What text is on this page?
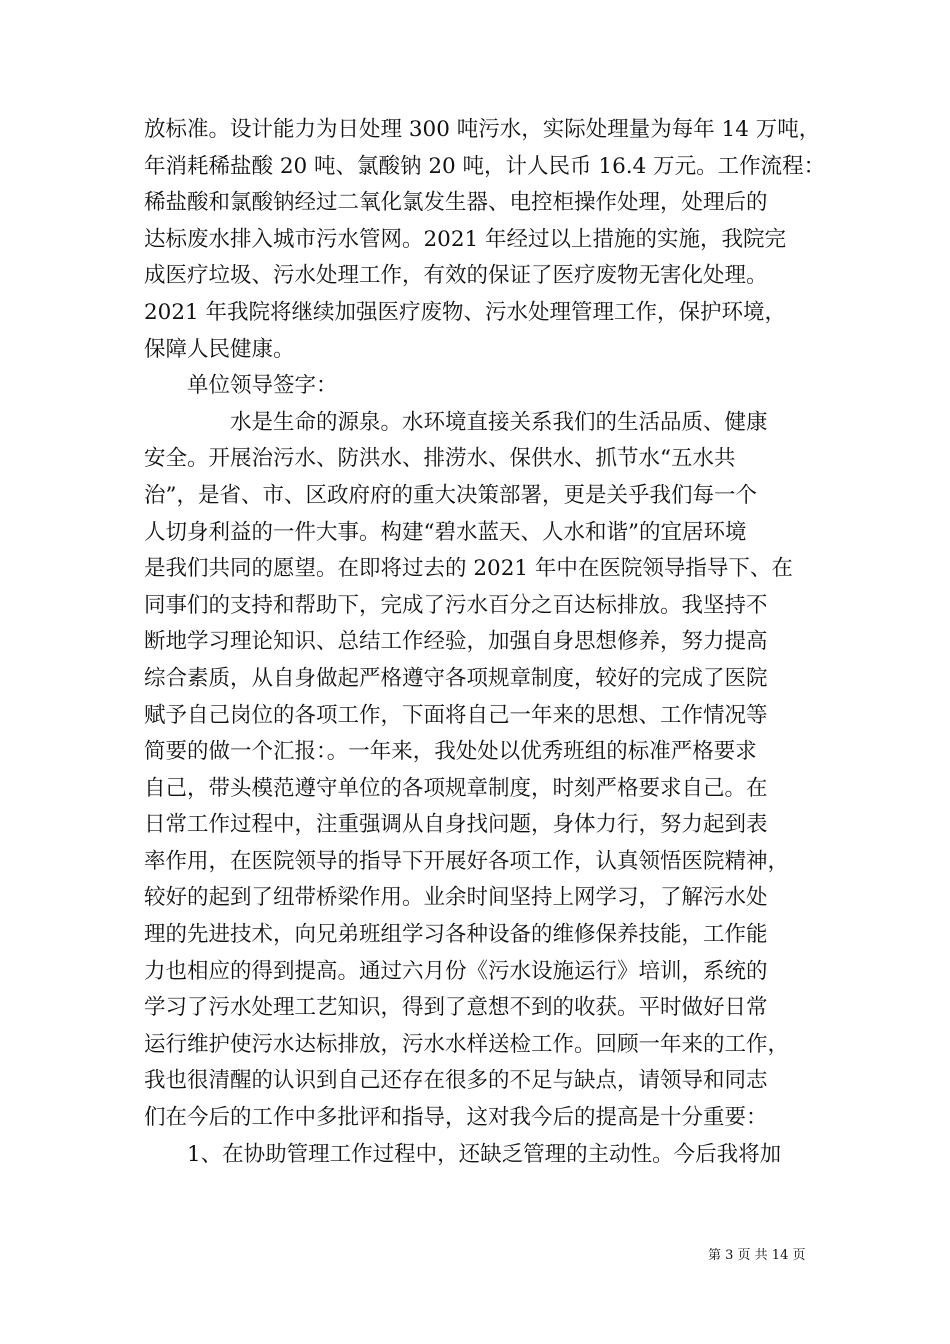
放标准。设计能力为日处理 300 吨污水，实际处理量为每年 14 万吨，
年消耗稀盐酸 20 吨、氯酸钠 20 吨，计人民币 16.4 万元。工作流程：
稀盐酸和氯酸钠经过二氧化氯发生器、电控柜操作处理，处理后的
达标废水排入城市污水管网。2021 年经过以上措施的实施，我院完
成医疗垃圾、污水处理工作，有效的保证了医疗废物无害化处理。
2021 年我院将继续加强医疗废物、污水处理管理工作，保护环境，
保障人民健康。
　　单位领导签字：
　　　　水是生命的源泉。水环境直接关系我们的生活品质、健康
安全。开展治污水、防洪水、排涝水、保供水、抓节水“五水共
治”，是省、市、区政府府的重大决策部署，更是关乎我们每一个
人切身利益的一件大事。构建“碧水蓝天、人水和谐”的宜居环境
是我们共同的愿望。在即将过去的 2021 年中在医院领导指导下、在
同事们的支持和帮助下，完成了污水百分之百达标排放。我坚持不
断地学习理论知识、总结工作经验，加强自身思想修养，努力提高
综合素质，从自身做起严格遵守各项规章制度，较好的完成了医院
赋予自己岗位的各项工作，下面将自己一年来的思想、工作情况等
简要的做一个汇报：。一年来，我处处以优秀班组的标准严格要求
自己，带头模范遵守单位的各项规章制度，时刻严格要求自己。在
日常工作过程中，注重强调从自身找问题，身体力行，努力起到表
率作用，在医院领导的指导下开展好各项工作，认真领悟医院精神，
较好的起到了纽带桥梁作用。业余时间坚持上网学习，了解污水处
理的先进技术，向兄弟班组学习各种设备的维修保养技能，工作能
力也相应的得到提高。通过六月份《污水设施运行》培训，系统的
学习了污水处理工艺知识，得到了意想不到的收获。平时做好日常
运行维护使污水达标排放，污水水样送检工作。回顾一年来的工作，
我也很清醒的认识到自己还存在很多的不足与缺点，请领导和同志
们在今后的工作中多批评和指导，这对我今后的提高是十分重要：
　　1、在协助管理工作过程中，还缺乏管理的主动性。今后我将加
第 3 页 共 14 页
